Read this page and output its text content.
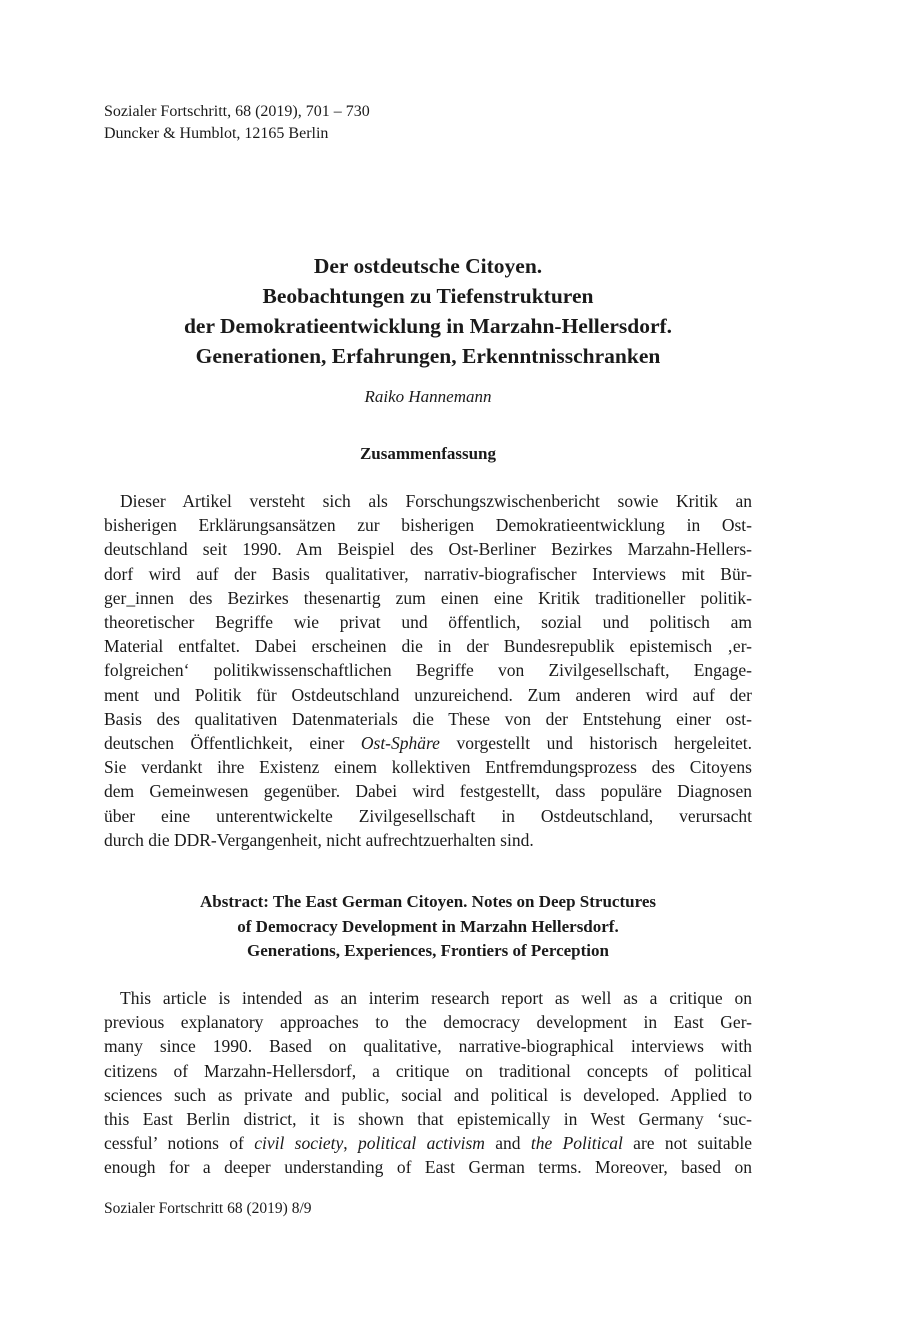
Sozialer Fortschritt, 68 (2019), 701 – 730
Duncker & Humblot, 12165 Berlin
Der ostdeutsche Citoyen.
Beobachtungen zu Tiefenstrukturen
der Demokratieentwicklung in Marzahn-Hellersdorf.
Generationen, Erfahrungen, Erkenntnisschranken
Raiko Hannemann
Zusammenfassung
Dieser Artikel versteht sich als Forschungszwischenbericht sowie Kritik an
bisherigen Erklärungsansätzen zur bisherigen Demokratieentwicklung in Ost-
deutschland seit 1990. Am Beispiel des Ost-Berliner Bezirkes Marzahn-Hellers-
dorf wird auf der Basis qualitativer, narrativ-biografischer Interviews mit Bür-
ger_innen des Bezirkes thesenartig zum einen eine Kritik traditioneller politik-
theoretischer Begriffe wie privat und öffentlich, sozial und politisch am
Material entfaltet. Dabei erscheinen die in der Bundesrepublik epistemisch ‚er-
folgreichen‘ politikwissenschaftlichen Begriffe von Zivilgesellschaft, Engage-
ment und Politik für Ostdeutschland unzureichend. Zum anderen wird auf der
Basis des qualitativen Datenmaterials die These von der Entstehung einer ost-
deutschen Öffentlichkeit, einer Ost-Sphäre vorgestellt und historisch hergeleitet.
Sie verdankt ihre Existenz einem kollektiven Entfremdungsprozess des Citoyens
dem Gemeinwesen gegenüber. Dabei wird festgestellt, dass populäre Diagnosen
über eine unterentwickelte Zivilgesellschaft in Ostdeutschland, verursacht
durch die DDR-Vergangenheit, nicht aufrechtzuerhalten sind.
Abstract: The East German Citoyen. Notes on Deep Structures
of Democracy Development in Marzahn Hellersdorf.
Generations, Experiences, Frontiers of Perception
This article is intended as an interim research report as well as a critique on
previous explanatory approaches to the democracy development in East Ger-
many since 1990. Based on qualitative, narrative-biographical interviews with
citizens of Marzahn-Hellersdorf, a critique on traditional concepts of political
sciences such as private and public, social and political is developed. Applied to
this East Berlin district, it is shown that epistemically in West Germany ‘suc-
cessful’ notions of civil society, political activism and the Political are not suitable
enough for a deeper understanding of East German terms. Moreover, based on
Sozialer Fortschritt 68 (2019) 8/9
